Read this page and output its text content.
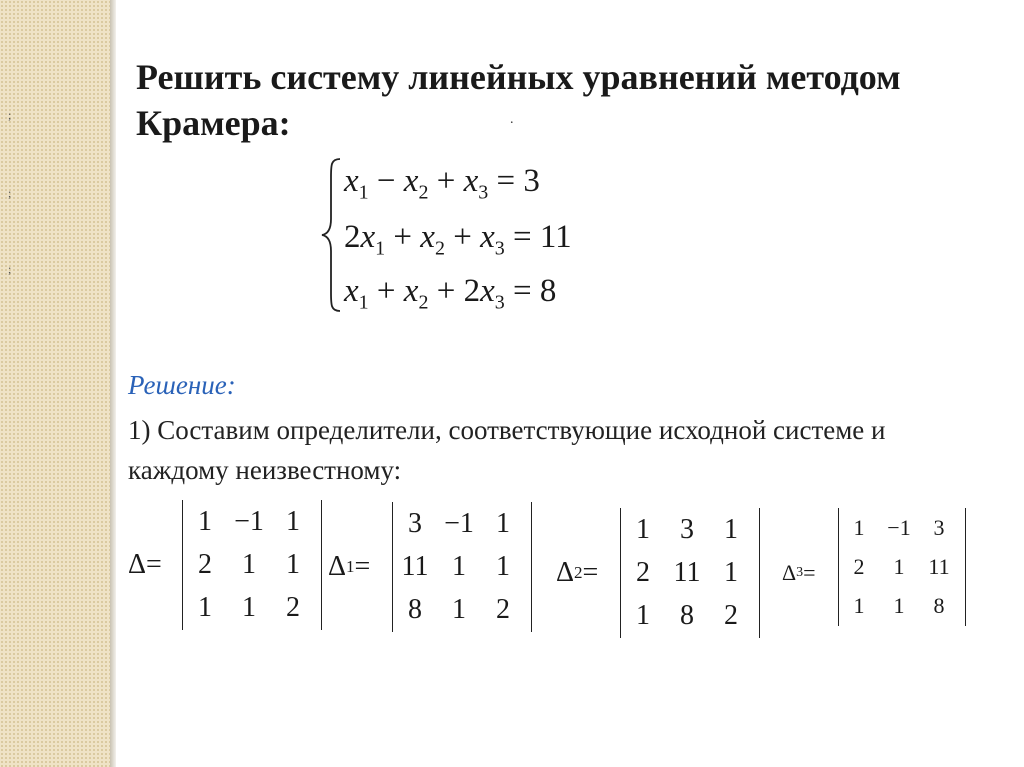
;
;
;
Решить систему линейных уравнений методом Крамера:	.
$x_1 - x_2 + x_3 = 3$
$2x_1 + x_2 + x_3 = 11$
$x_1 + x_2 + 2x_3 = 8$
Решение:
1) Составим определители, соответствующие исходной системе и каждому неизвестному:
Δ =
1 −1 1
2	1	1
1	1	2
Δ 1 =
3 −1 1
11 1	1
8	1	2
Δ 2 =
1	3	1
2 11 1
1	8	2
Δ 3 =
1	−1	3
2	1	11
1	1	8
